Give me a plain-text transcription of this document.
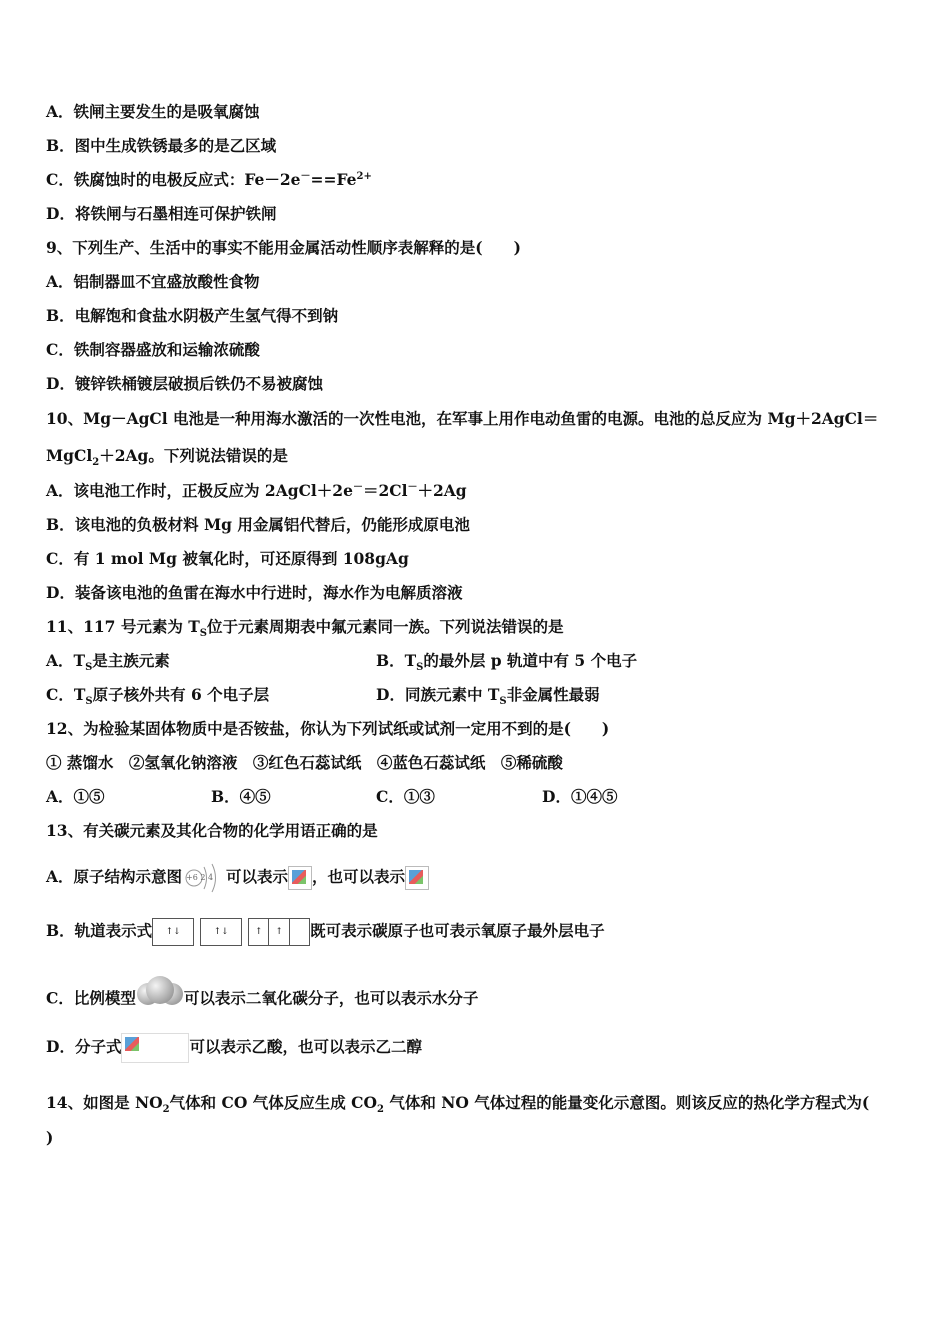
A．铁闸主要发生的是吸氧腐蚀
B．图中生成铁锈最多的是乙区域
C．铁腐蚀时的电极反应式：$Fe-2e^-==Fe^{2+}$
D．将铁闸与石墨相连可保护铁闸
9、下列生产、生活中的事实不能用金属活动性顺序表解释的是(　　)
A．铝制器皿不宜盛放酸性食物
B．电解饱和食盐水阴极产生氢气得不到钠
C．铁制容器盛放和运输浓硫酸
D．镀锌铁桶镀层破损后铁仍不易被腐蚀
10、Mg－AgCl 电池是一种用海水激活的一次性电池，在军事上用作电动鱼雷的电源。电池的总反应为 Mg＋2AgCl＝
MgCl$_2$＋2Ag。下列说法错误的是
A．该电池工作时，正极反应为 2AgCl＋2e－＝2Cl－＋2Ag
B．该电池的负极材料 Mg 用金属铝代替后，仍能形成原电池
C．有 1 mol Mg 被氧化时，可还原得到 108gAg
D．装备该电池的鱼雷在海水中行进时，海水作为电解质溶液
11、117 号元素为 $T_S$位于元素周期表中氟元素同一族。下列说法错误的是
A．$T_S$是主族元素	B．$T_S$的最外层 p 轨道中有 5 个电子
C．$T_S$原子核外共有 6 个电子层	D．同族元素中 $T_S$非金属性最弱
12、为检验某固体物质中是否铵盐，你认为下列试纸或试剂一定用不到的是(　　)
① 蒸馏水　②氢氧化钠溶液　③红色石蕊试纸　④蓝色石蕊试纸　⑤稀硫酸
A．①⑤	B．④⑤	C．①③	D．①④⑤
13、有关碳元素及其化合物的化学用语正确的是
A．原子结构示意图 +6 2 4 可以表示 ，也可以表示
B．轨道表示式 ↑↓	↑↓	↑	↑	既可表示碳原子也可表示氧原子最外层电子
C．比例模型	可以表示二氧化碳分子，也可以表示水分子
D．分子式	可以表示乙酸，也可以表示乙二醇
14、如图是 $NO_2$气体和 CO 气体反应生成 $CO_2$ 气体和 NO 气体过程的能量变化示意图。则该反应的热化学方程式为(
)
